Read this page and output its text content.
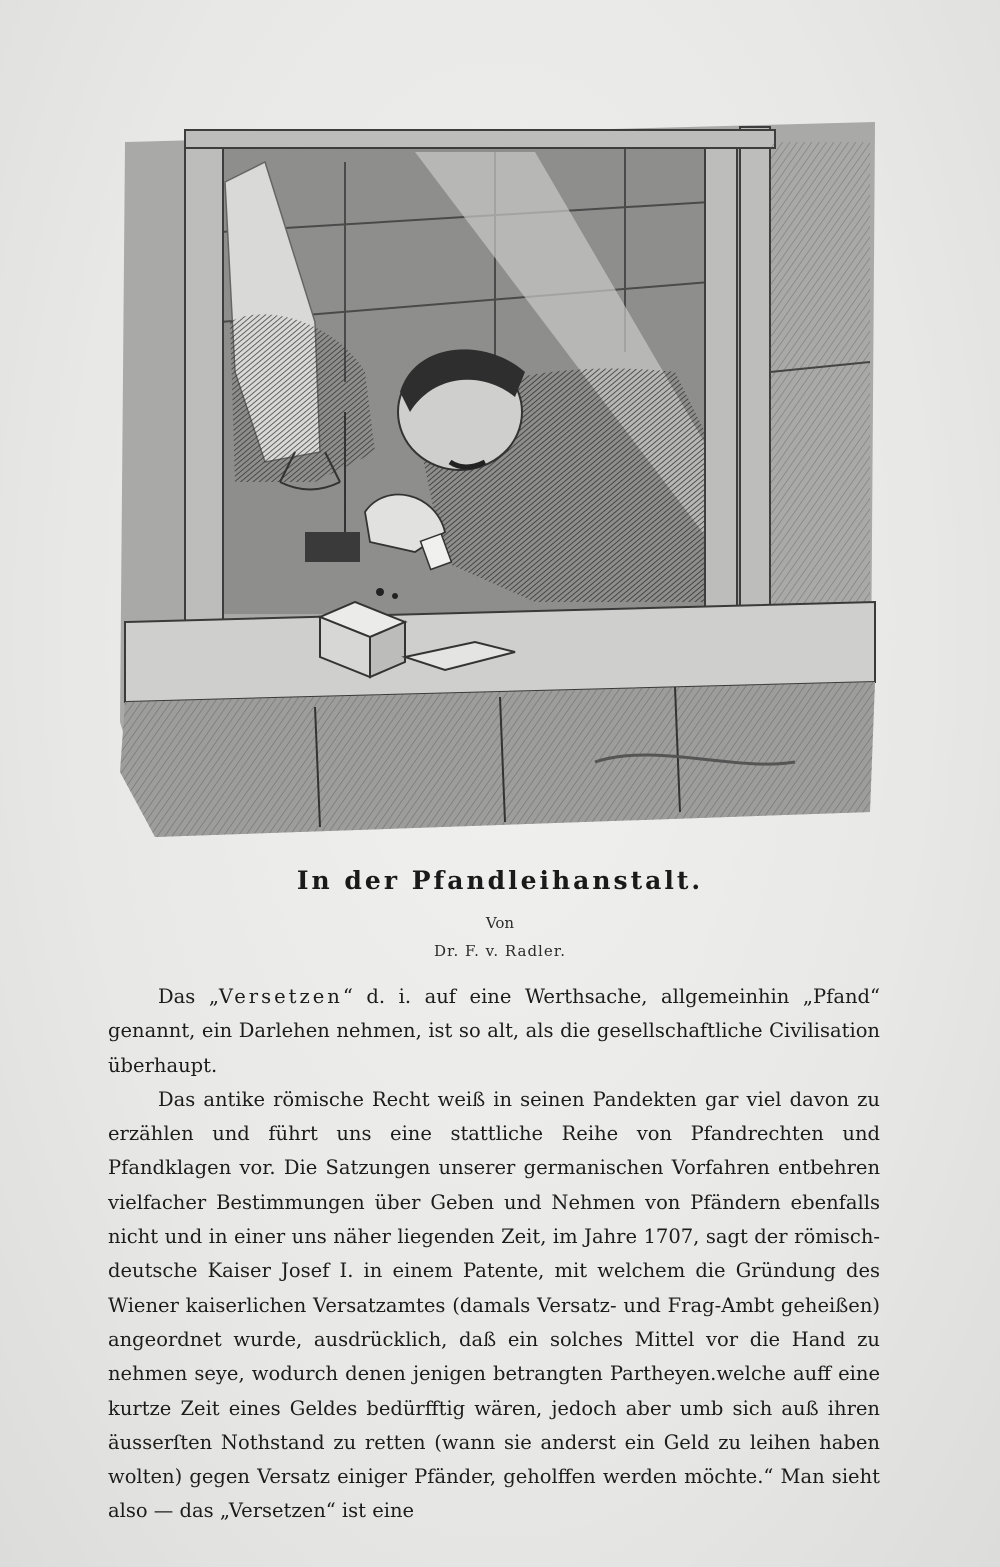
In der Pfandleihanstalt.
Von
Dr. F. v. Radler.

Das „Versetzen“ d. i. auf eine Werthsache, allgemeinhin „Pfand“ genannt, ein Darlehen nehmen, ist so alt, als die gesellschaftliche Civilisation überhaupt.

Das antike römische Recht weiß in seinen Pandekten gar viel davon zu erzählen und führt uns eine stattliche Reihe von Pfandrechten und Pfandklagen vor. Die Satzungen unserer germanischen Vorfahren entbehren vielfacher Bestimmungen über Geben und Nehmen von Pfändern ebenfalls nicht und in einer uns näher liegenden Zeit, im Jahre 1707, sagt der römisch-deutsche Kaiser Josef I. in einem Patente, mit welchem die Gründung des Wiener kaiserlichen Versatzamtes (damals Versatz- und Frag-Ambt geheißen) angeordnet wurde, ausdrücklich, daß ein solches Mittel vor die Hand zu nehmen seye, wodurch denen jenigen betrangten Partheyen.welche auff eine kurtze Zeit eines Geldes bedürfftig wären, jedoch aber umb sich auß ihren äusserſten Nothstand zu retten (wann sie anderst ein Geld zu leihen haben wolten) gegen Versatz einiger Pfänder, geholffen werden möchte.“ Man sieht also — das „Versetzen“ ist eine
